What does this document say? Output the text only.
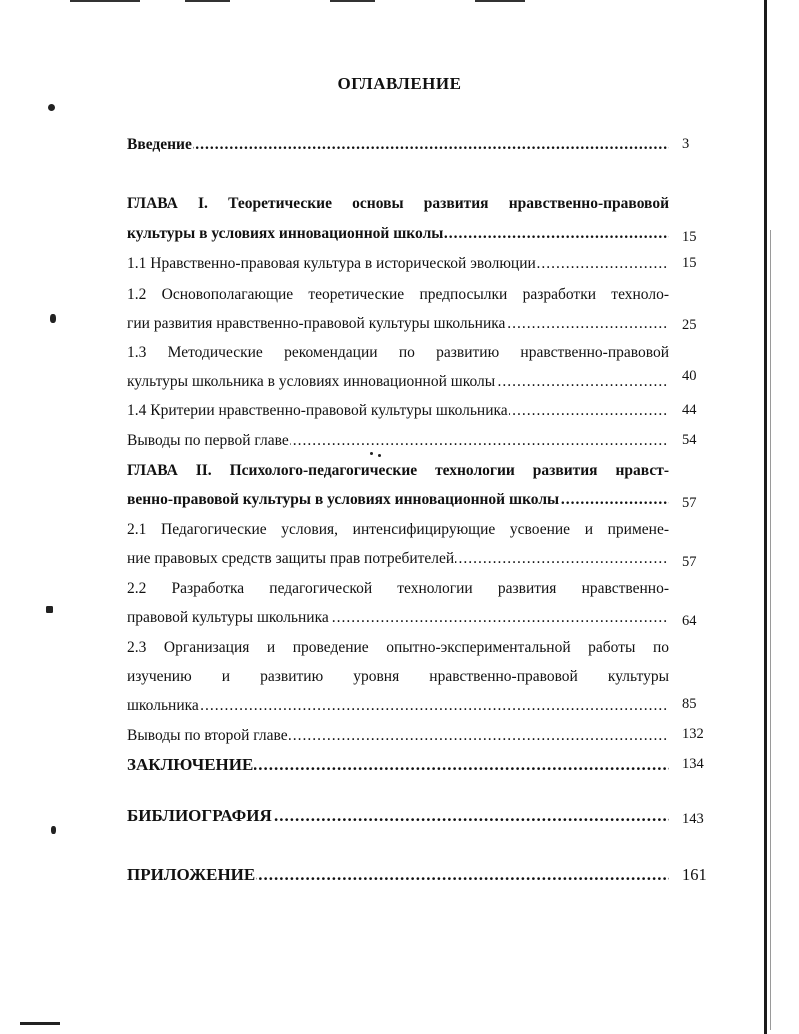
ОГЛАВЛЕНИЕ
Введение .....	3
ГЛАВА I. Теоретические основы развития нравственно-правовой
культуры в условиях инновационной школы .....	15
1.1 Нравственно-правовая культура в исторической эволюции .....	15
1.2 Основополагающие теоретические предпосылки разработки техноло-
гии развития нравственно-правовой культуры школьника .....	25
1.3 Методические рекомендации по развитию нравственно-правовой
культуры школьника в условиях инновационной школы .....	40
1.4 Критерии нравственно-правовой культуры школьника .....	44
Выводы по первой главе .....	54
ГЛАВА II. Психолого-педагогические технологии развития нравст-
венно-правовой культуры в условиях инновационной школы .....	57
2.1 Педагогические условия, интенсифицирующие усвоение и примене-
ние правовых средств защиты прав потребителей .....	57
2.2 Разработка педагогической технологии развития нравственно-
правовой культуры школьника .....	64
2.3 Организация и проведение опытно-экспериментальной работы по
изучению и развитию уровня нравственно-правовой культуры
школьника .....	85
Выводы по второй главе .....	132
ЗАКЛЮЧЕНИЕ .....	134
БИБЛИОГРАФИЯ .....	143
ПРИЛОЖЕНИЕ .....	161
